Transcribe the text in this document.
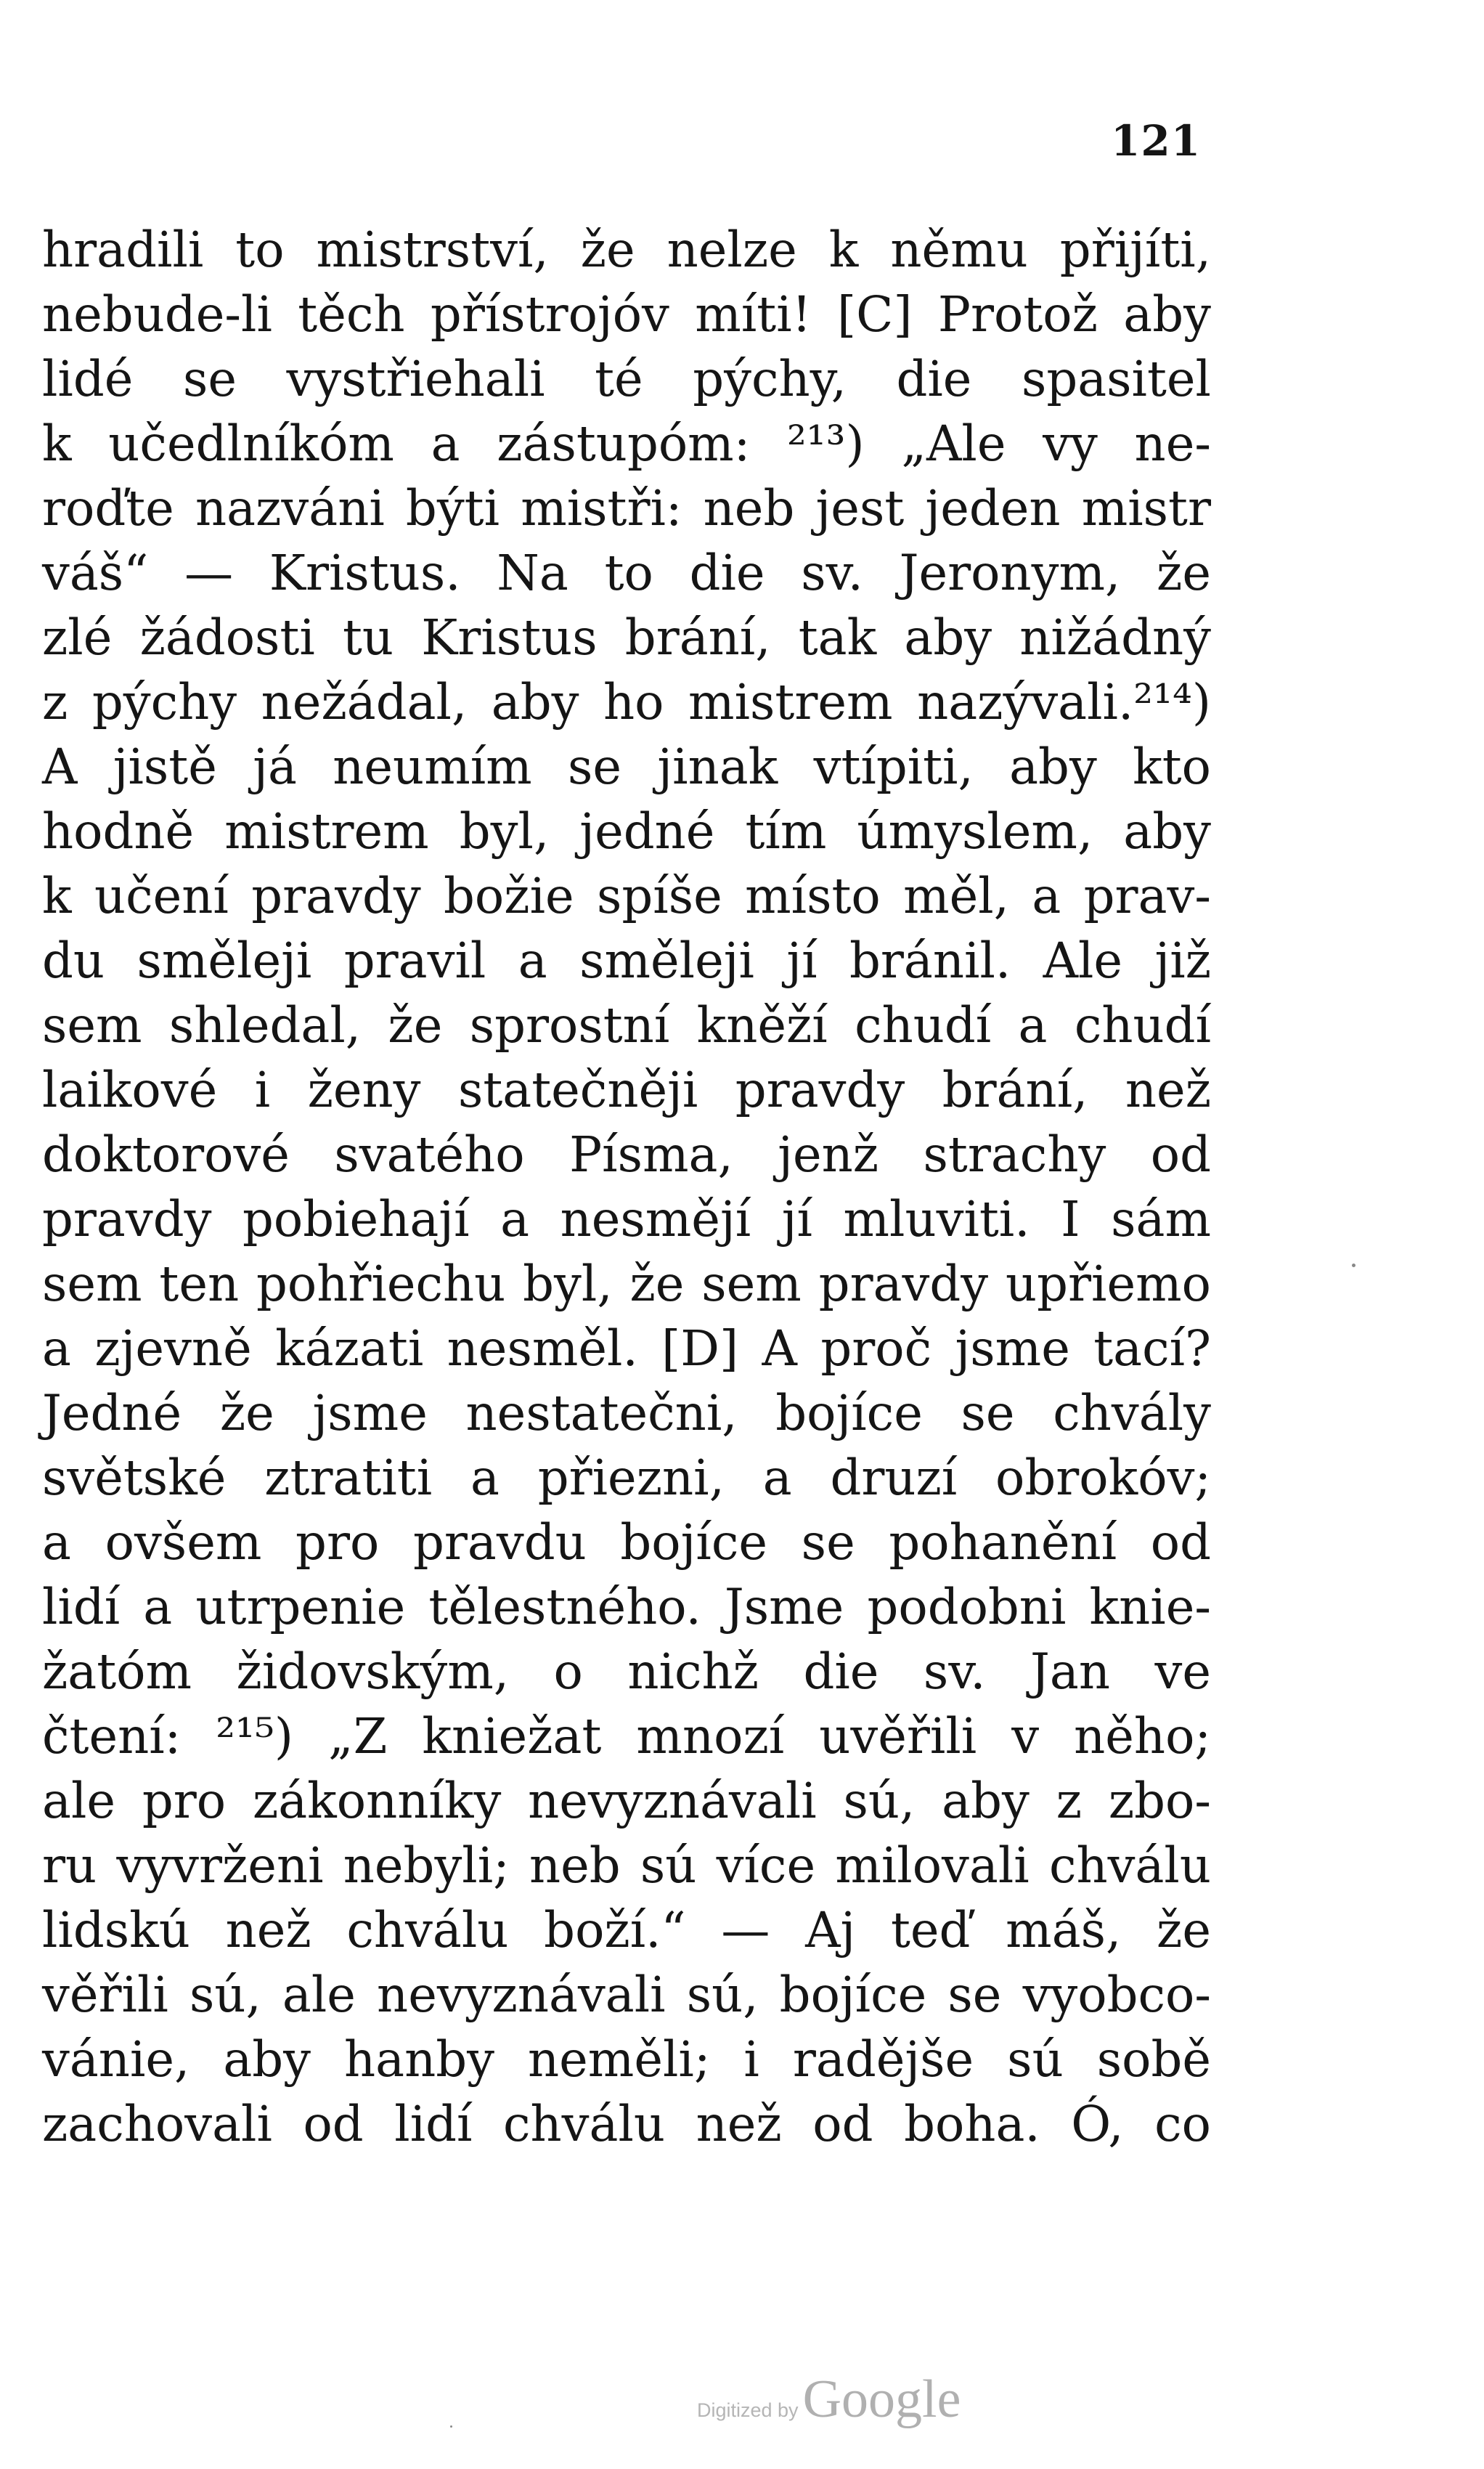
121
hradili to mistrství, že nelze k němu přijíti,
nebude-li těch přístrojóv míti! [C] Protož aby
lidé se vystřiehali té pýchy, die spasitel
k učedlníkóm a zástupóm: ²¹³) „Ale vy ne-
roďte nazváni býti mistři: neb jest jeden mistr
váš“ — Kristus. Na to die sv. Jeronym, že
zlé žádosti tu Kristus brání, tak aby nižádný
z pýchy nežádal, aby ho mistrem nazývali.²¹⁴)
A jistě já neumím se jinak vtípiti, aby kto
hodně mistrem byl, jedné tím úmyslem, aby
k učení pravdy božie spíše místo měl, a prav-
du směleji pravil a směleji jí bránil. Ale již
sem shledal, že sprostní kněží chudí a chudí
laikové i ženy statečněji pravdy brání, než
doktorové svatého Písma, jenž strachy od
pravdy pobiehají a nesmějí jí mluviti. I sám
sem ten pohřiechu byl, že sem pravdy upřiemo
a zjevně kázati nesměl. [D] A proč jsme tací?
Jedné že jsme nestatečni, bojíce se chvály
světské ztratiti a přiezni, a druzí obrokóv;
a ovšem pro pravdu bojíce se pohanění od
lidí a utrpenie tělestného. Jsme podobni knie-
žatóm židovským, o nichž die sv. Jan ve
čtení: ²¹⁵) „Z kniežat mnozí uvěřili v něho;
ale pro zákonníky nevyznávali sú, aby z zbo-
ru vyvrženi nebyli; neb sú více milovali chválu
lidskú než chválu boží.“ — Aj teď máš, že
věřili sú, ale nevyznávali sú, bojíce se vyobco-
vánie, aby hanby neměli; i radějše sú sobě
zachovali od lidí chválu než od boha. Ó, co
Digitized by Google
